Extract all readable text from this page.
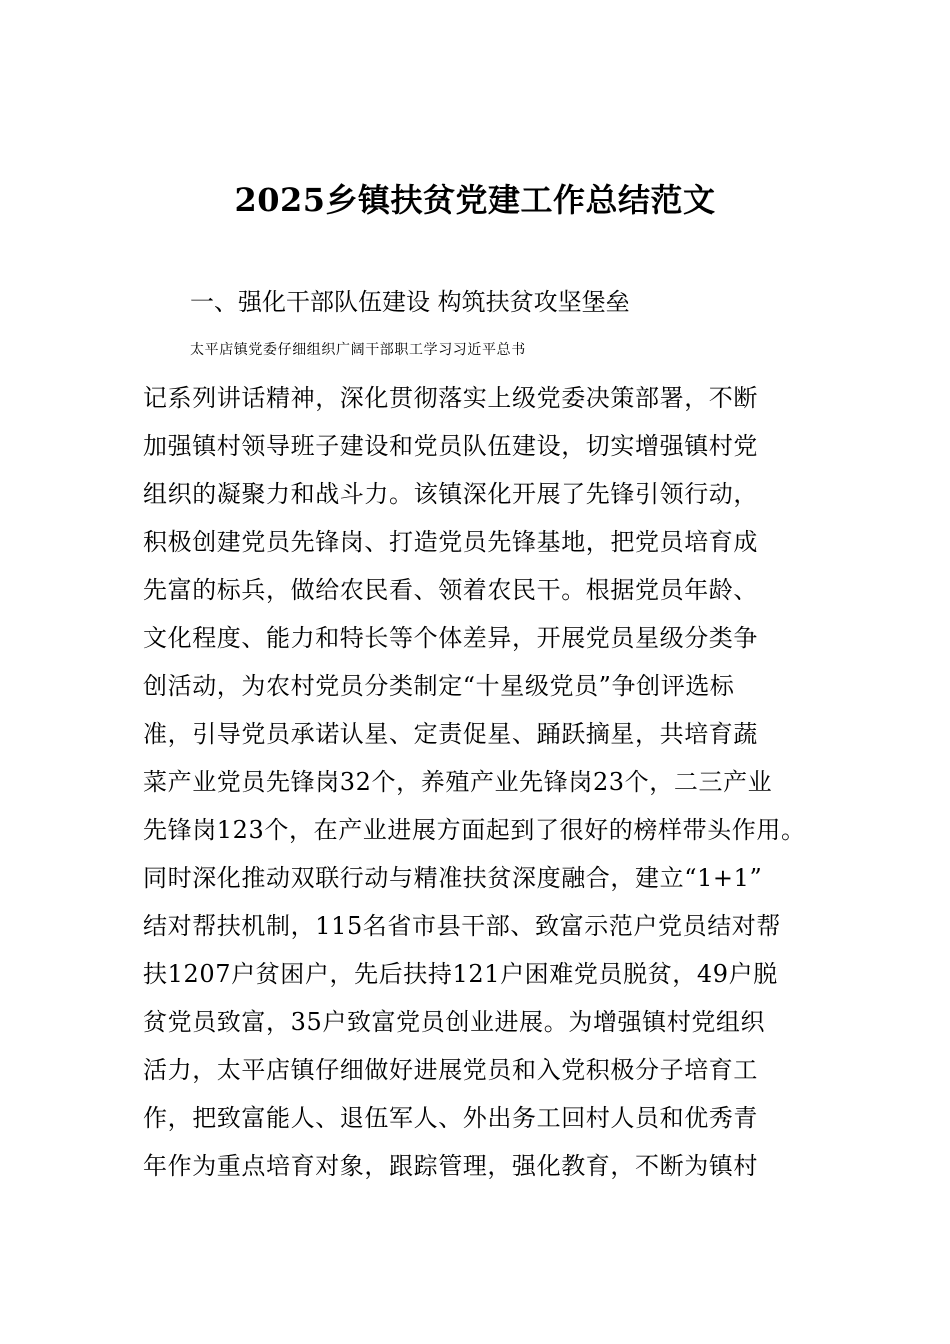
2025乡镇扶贫党建工作总结范文

一、强化干部队伍建设 构筑扶贫攻坚堡垒

太平店镇党委仔细组织广阔干部职工学习习近平总书

记系列讲话精神，深化贯彻落实上级党委决策部署，不断

加强镇村领导班子建设和党员队伍建设，切实增强镇村党

组织的凝聚力和战斗力。该镇深化开展了先锋引领行动，

积极创建党员先锋岗、打造党员先锋基地，把党员培育成

先富的标兵，做给农民看、领着农民干。根据党员年龄、

文化程度、能力和特长等个体差异，开展党员星级分类争

创活动，为农村党员分类制定“十星级党员”争创评选标

准，引导党员承诺认星、定责促星、踊跃摘星，共培育蔬

菜产业党员先锋岗32个，养殖产业先锋岗23个，二三产业

先锋岗123个，在产业进展方面起到了很好的榜样带头作用。

同时深化推动双联行动与精准扶贫深度融合，建立“1+1”

结对帮扶机制，115名省市县干部、致富示范户党员结对帮

扶1207户贫困户，先后扶持121户困难党员脱贫，49户脱

贫党员致富，35户致富党员创业进展。为增强镇村党组织

活力，太平店镇仔细做好进展党员和入党积极分子培育工

作，把致富能人、退伍军人、外出务工回村人员和优秀青

年作为重点培育对象，跟踪管理，强化教育，不断为镇村
